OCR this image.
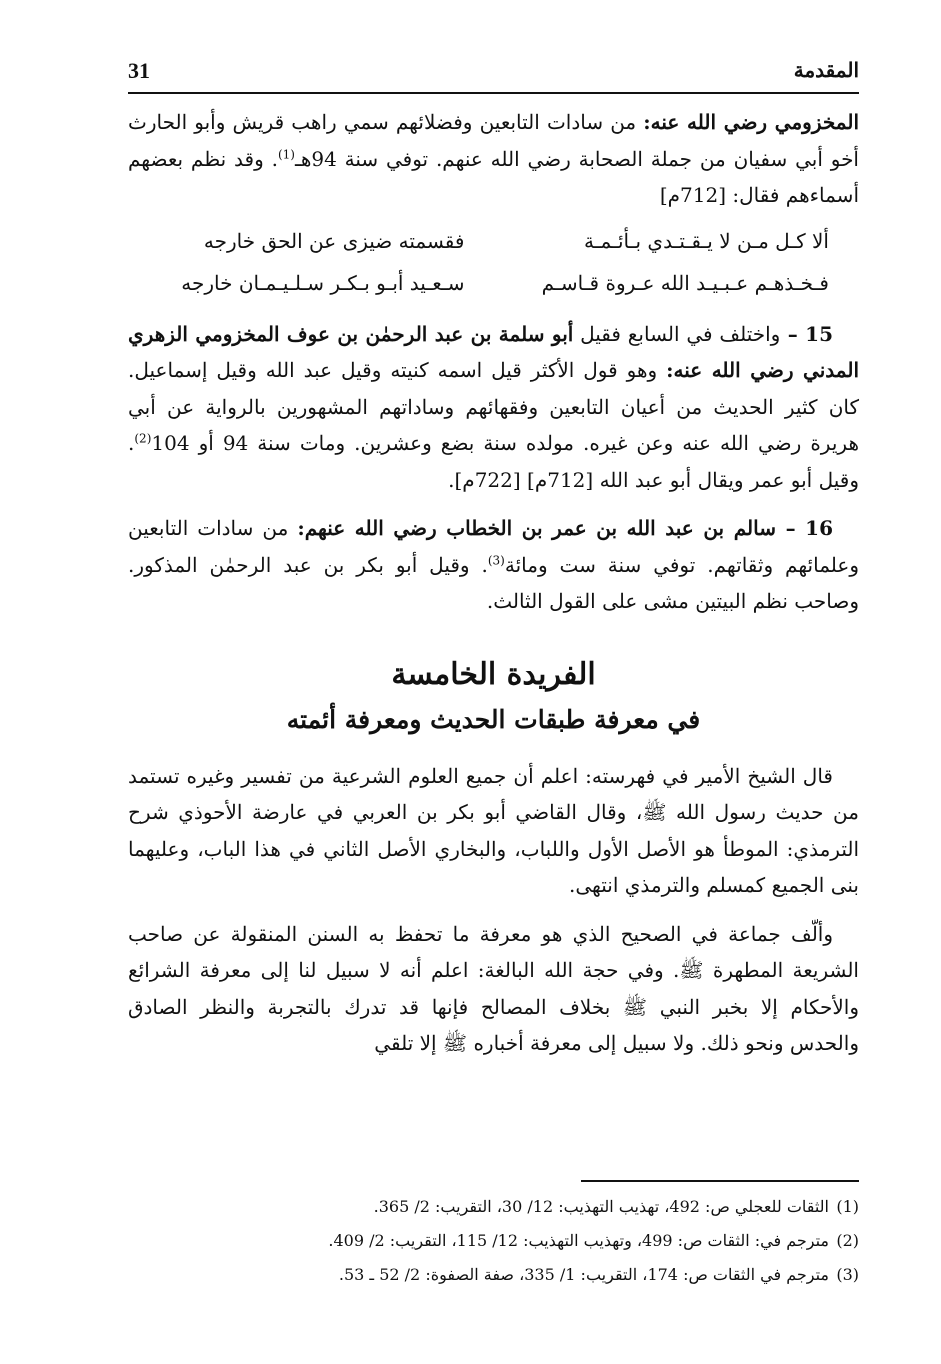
31	المقدمة

المخزومي رضي الله عنه: من سادات التابعين وفضلائهم سمي راهب قريش وأبو الحارث أخو أبي سفيان من جملة الصحابة رضي الله عنهم. توفي سنة 94هـ$^{(1)}$. وقد نظم بعضهم أسماءهم فقال: [712م]

ألا كـل مـن لا يـقـتـدي بـأئـمـة
فقسمته ضيزى عن الحق خارجه
فـخـذهـم عـبـيـد الله عـروة قـاسـم
سـعـيد أبـو بـكـر سـلـيـمـان خارجه

15 – واختلف في السابع فقيل أبو سلمة بن عبد الرحمٰن بن عوف المخزومي الزهري المدني رضي الله عنه: وهو قول الأكثر قيل اسمه كنيته وقيل عبد الله وقيل إسماعيل. كان كثير الحديث من أعيان التابعين وفقهائهم وساداتهم المشهورين بالرواية عن أبي هريرة رضي الله عنه وعن غيره. مولده سنة بضع وعشرين. ومات سنة 94 أو 104$^{(2)}$. وقيل أبو عمر ويقال أبو عبد الله [712م] [722م].

16 – سالم بن عبد الله بن عمر بن الخطاب رضي الله عنهم: من سادات التابعين وعلمائهم وثقاتهم. توفي سنة ست ومائة$^{(3)}$. وقيل أبو بكر بن عبد الرحمٰن المذكور. وصاحب نظم البيتين مشى على القول الثالث.

الفريدة الخامسة
في معرفة طبقات الحديث ومعرفة أئمته

قال الشيخ الأمير في فهرسته: اعلم أن جميع العلوم الشرعية من تفسير وغيره تستمد من حديث رسول الله ﷺ، وقال القاضي أبو بكر بن العربي في عارضة الأحوذي شرح الترمذي: الموطأ هو الأصل الأول واللباب، والبخاري الأصل الثاني في هذا الباب، وعليهما بنى الجميع كمسلم والترمذي انتهى.

وألّف جماعة في الصحيح الذي هو معرفة ما تحفظ به السنن المنقولة عن صاحب الشريعة المطهرة ﷺ. وفي حجة الله البالغة: اعلم أنه لا سبيل لنا إلى معرفة الشرائع والأحكام إلا بخبر النبي ﷺ بخلاف المصالح فإنها قد تدرك بالتجربة والنظر الصادق والحدس ونحو ذلك. ولا سبيل إلى معرفة أخباره ﷺ إلا تلقي

(1)الثقات للعجلي ص: 492، تهذيب التهذيب: 12/ 30، التقريب: 2/ 365.
(2)مترجم في: الثقات ص: 499، وتهذيب التهذيب: 12/ 115، التقريب: 2/ 409.
(3)مترجم في الثقات ص: 174، التقريب: 1/ 335، صفة الصفوة: 2/ 52 ـ 53.
